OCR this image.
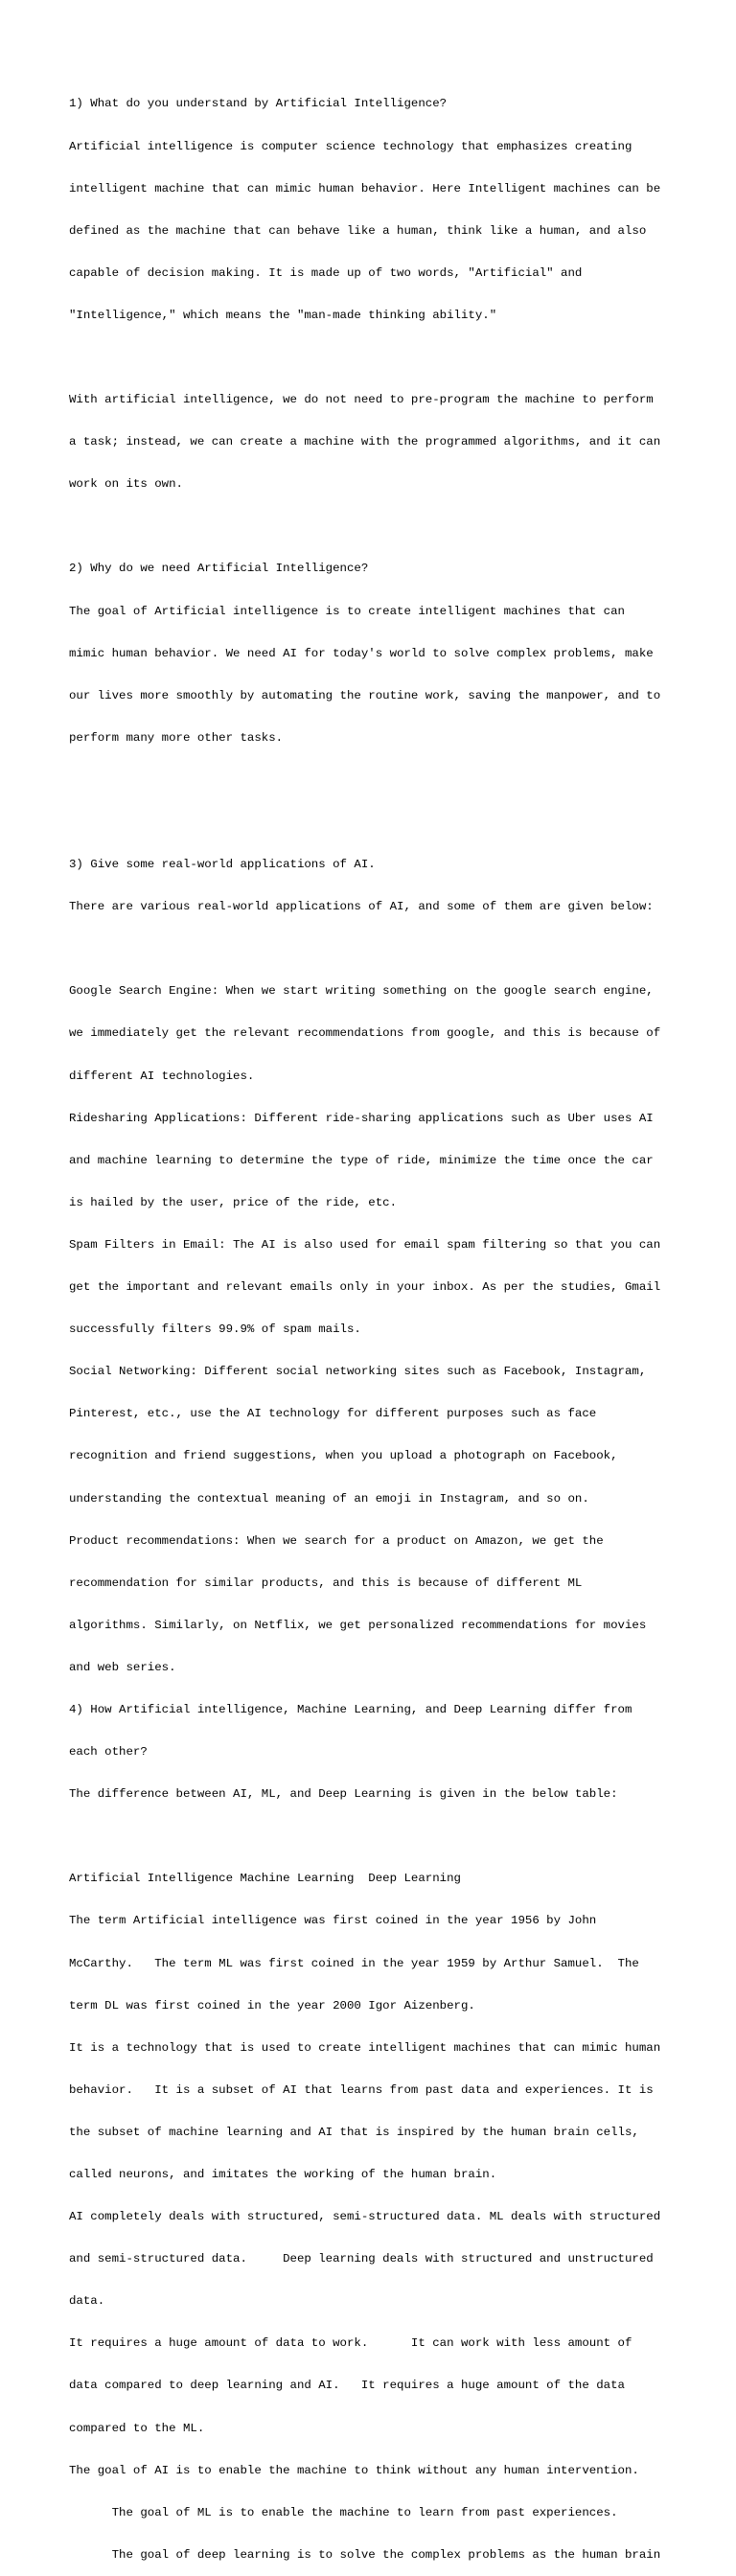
1) What do you understand by Artificial Intelligence?

Artificial intelligence is computer science technology that emphasizes creating

intelligent machine that can mimic human behavior. Here Intelligent machines can be

defined as the machine that can behave like a human, think like a human, and also

capable of decision making. It is made up of two words, "Artificial" and

"Intelligence," which means the "man-made thinking ability."

With artificial intelligence, we do not need to pre-program the machine to perform

a task; instead, we can create a machine with the programmed algorithms, and it can

work on its own.

2) Why do we need Artificial Intelligence?

The goal of Artificial intelligence is to create intelligent machines that can

mimic human behavior. We need AI for today's world to solve complex problems, make

our lives more smoothly by automating the routine work, saving the manpower, and to

perform many more other tasks.

3) Give some real-world applications of AI.

There are various real-world applications of AI, and some of them are given below:

Google Search Engine: When we start writing something on the google search engine,

we immediately get the relevant recommendations from google, and this is because of

different AI technologies.

Ridesharing Applications: Different ride-sharing applications such as Uber uses AI

and machine learning to determine the type of ride, minimize the time once the car

is hailed by the user, price of the ride, etc.

Spam Filters in Email: The AI is also used for email spam filtering so that you can

get the important and relevant emails only in your inbox. As per the studies, Gmail

successfully filters 99.9% of spam mails.

Social Networking: Different social networking sites such as Facebook, Instagram,

Pinterest, etc., use the AI technology for different purposes such as face

recognition and friend suggestions, when you upload a photograph on Facebook,

understanding the contextual meaning of an emoji in Instagram, and so on.

Product recommendations: When we search for a product on Amazon, we get the

recommendation for similar products, and this is because of different ML

algorithms. Similarly, on Netflix, we get personalized recommendations for movies

and web series.

4) How Artificial intelligence, Machine Learning, and Deep Learning differ from

each other?

The difference between AI, ML, and Deep Learning is given in the below table:

Artificial Intelligence Machine Learning  Deep Learning

The term Artificial intelligence was first coined in the year 1956 by John

McCarthy.   The term ML was first coined in the year 1959 by Arthur Samuel.  The

term DL was first coined in the year 2000 Igor Aizenberg.

It is a technology that is used to create intelligent machines that can mimic human

behavior.   It is a subset of AI that learns from past data and experiences. It is

the subset of machine learning and AI that is inspired by the human brain cells,

called neurons, and imitates the working of the human brain.

AI completely deals with structured, semi-structured data. ML deals with structured

and semi-structured data.     Deep learning deals with structured and unstructured

data.

It requires a huge amount of data to work.      It can work with less amount of

data compared to deep learning and AI.   It requires a huge amount of the data

compared to the ML.

The goal of AI is to enable the machine to think without any human intervention.

The goal of ML is to enable the machine to learn from past experiences.

The goal of deep learning is to solve the complex problems as the human brain
